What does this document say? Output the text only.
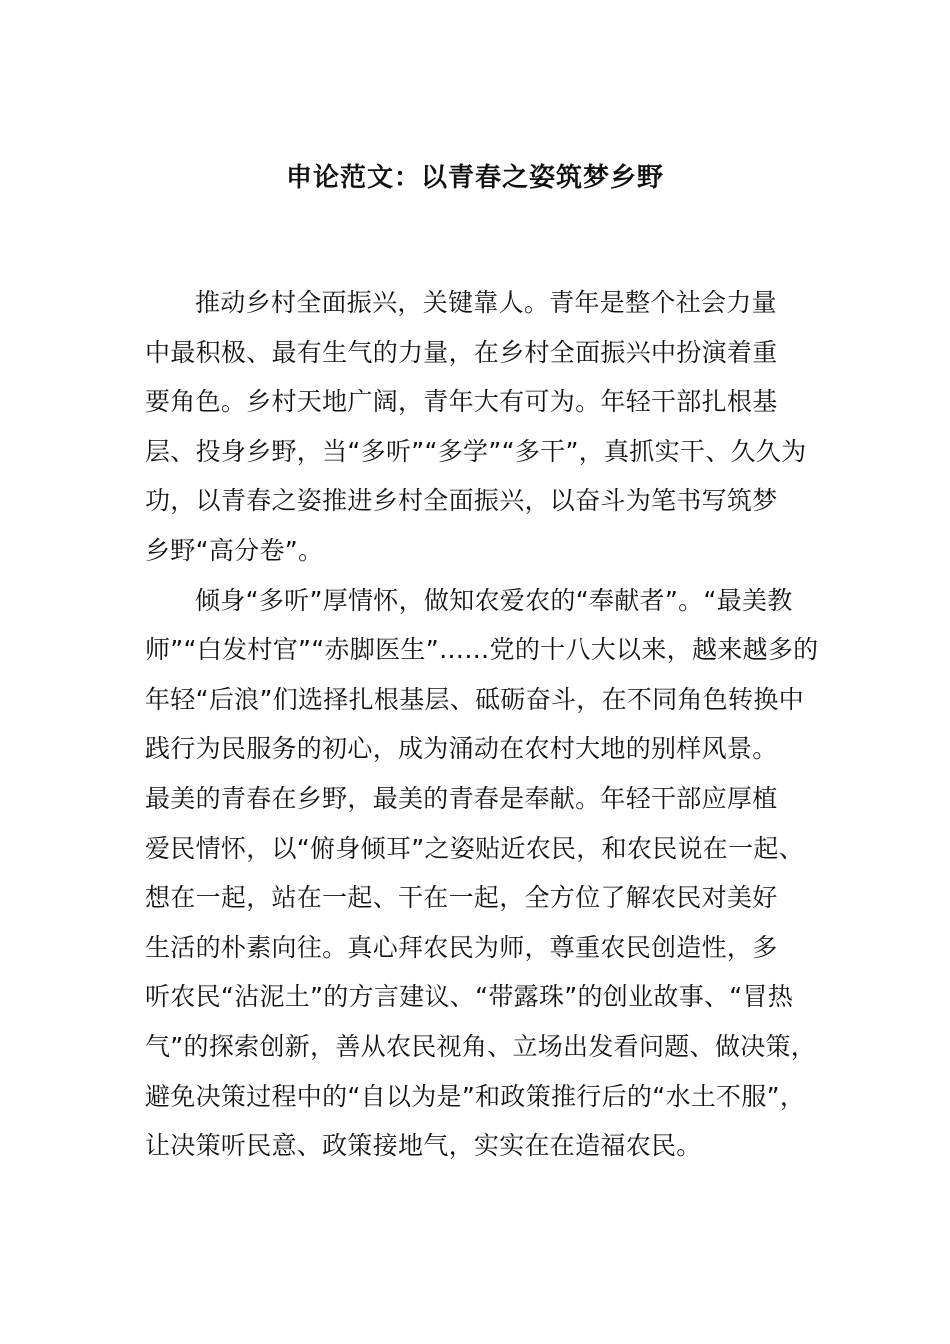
申论范文：以青春之姿筑梦乡野
推动乡村全面振兴，关键靠人。青年是整个社会力量
中最积极、最有生气的力量，在乡村全面振兴中扮演着重
要角色。乡村天地广阔，青年大有可为。年轻干部扎根基
层、投身乡野，当“多听”“多学”“多干”，真抓实干、久久为
功，以青春之姿推进乡村全面振兴，以奋斗为笔书写筑梦
乡野“高分卷”。
倾身“多听”厚情怀，做知农爱农的“奉献者”。“最美教
师”“白发村官”“赤脚医生”……党的十八大以来，越来越多的
年轻“后浪”们选择扎根基层、砥砺奋斗，在不同角色转换中
践行为民服务的初心，成为涌动在农村大地的别样风景。
最美的青春在乡野，最美的青春是奉献。年轻干部应厚植
爱民情怀，以“俯身倾耳”之姿贴近农民，和农民说在一起、
想在一起，站在一起、干在一起，全方位了解农民对美好
生活的朴素向往。真心拜农民为师，尊重农民创造性，多
听农民“沾泥土”的方言建议、“带露珠”的创业故事、“冒热
气”的探索创新，善从农民视角、立场出发看问题、做决策，
避免决策过程中的“自以为是”和政策推行后的“水土不服”，
让决策听民意、政策接地气，实实在在造福农民。
